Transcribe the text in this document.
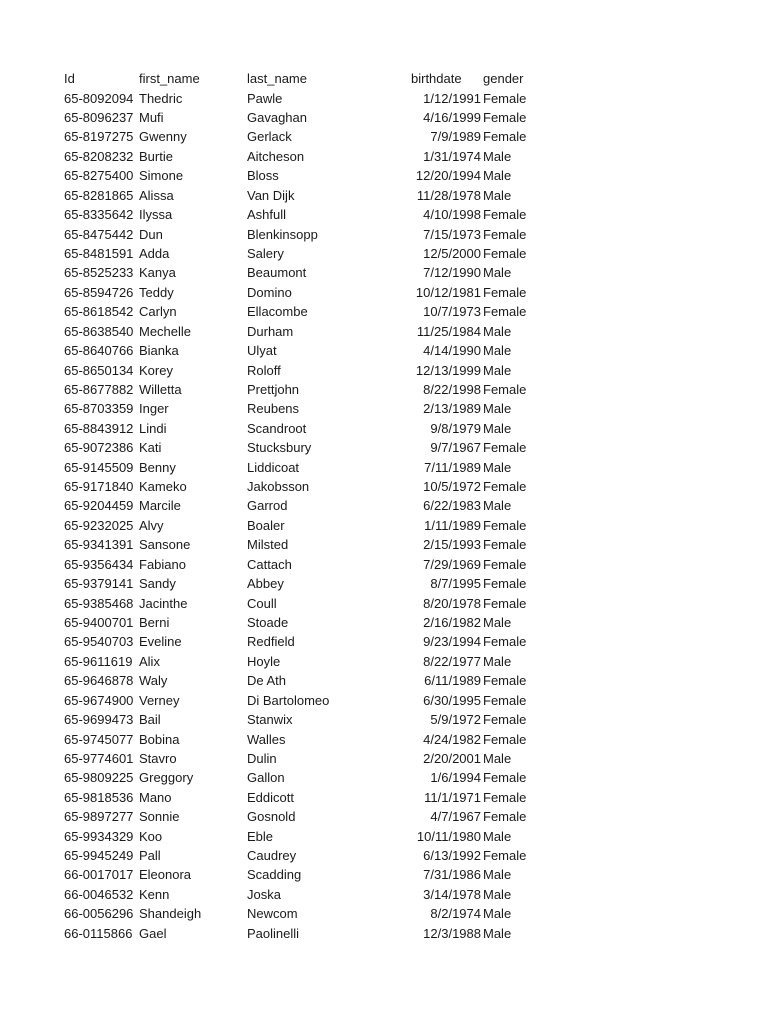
Id	first_name	last_name	birthdate	gender
65-8092094 Thedric	Pawle	1/12/1991 Female
65-8096237 Mufi	Gavaghan	4/16/1999 Female
65-8197275 Gwenny	Gerlack	7/9/1989 Female
65-8208232 Burtie	Aitcheson	1/31/1974 Male
65-8275400 Simone	Bloss	12/20/1994 Male
65-8281865 Alissa	Van Dijk	11/28/1978 Male
65-8335642 Ilyssa	Ashfull	4/10/1998 Female
65-8475442 Dun	Blenkinsopp	7/15/1973 Female
65-8481591 Adda	Salery	12/5/2000 Female
65-8525233 Kanya	Beaumont	7/12/1990 Male
65-8594726 Teddy	Domino	10/12/1981 Female
65-8618542 Carlyn	Ellacombe	10/7/1973 Female
65-8638540 Mechelle	Durham	11/25/1984 Male
65-8640766 Bianka	Ulyat	4/14/1990 Male
65-8650134 Korey	Roloff	12/13/1999 Male
65-8677882 Willetta	Prettjohn	8/22/1998 Female
65-8703359 Inger	Reubens	2/13/1989 Male
65-8843912 Lindi	Scandroot	9/8/1979 Male
65-9072386 Kati	Stucksbury	9/7/1967 Female
65-9145509 Benny	Liddicoat	7/11/1989 Male
65-9171840 Kameko	Jakobsson	10/5/1972 Female
65-9204459 Marcile	Garrod	6/22/1983 Male
65-9232025 Alvy	Boaler	1/11/1989 Female
65-9341391 Sansone	Milsted	2/15/1993 Female
65-9356434 Fabiano	Cattach	7/29/1969 Female
65-9379141 Sandy	Abbey	8/7/1995 Female
65-9385468 Jacinthe	Coull	8/20/1978 Female
65-9400701 Berni	Stoade	2/16/1982 Male
65-9540703 Eveline	Redfield	9/23/1994 Female
65-9611619 Alix	Hoyle	8/22/1977 Male
65-9646878 Waly	De Ath	6/11/1989 Female
65-9674900 Verney	Di Bartolomeo	6/30/1995 Female
65-9699473 Bail	Stanwix	5/9/1972 Female
65-9745077 Bobina	Walles	4/24/1982 Female
65-9774601 Stavro	Dulin	2/20/2001 Male
65-9809225 Greggory	Gallon	1/6/1994 Female
65-9818536 Mano	Eddicott	11/1/1971 Female
65-9897277 Sonnie	Gosnold	4/7/1967 Female
65-9934329 Koo	Eble	10/11/1980 Male
65-9945249 Pall	Caudrey	6/13/1992 Female
66-0017017 Eleonora	Scadding	7/31/1986 Male
66-0046532 Kenn	Joska	3/14/1978 Male
66-0056296 Shandeigh	Newcom	8/2/1974 Male
66-0115866 Gael	Paolinelli	12/3/1988 Male
